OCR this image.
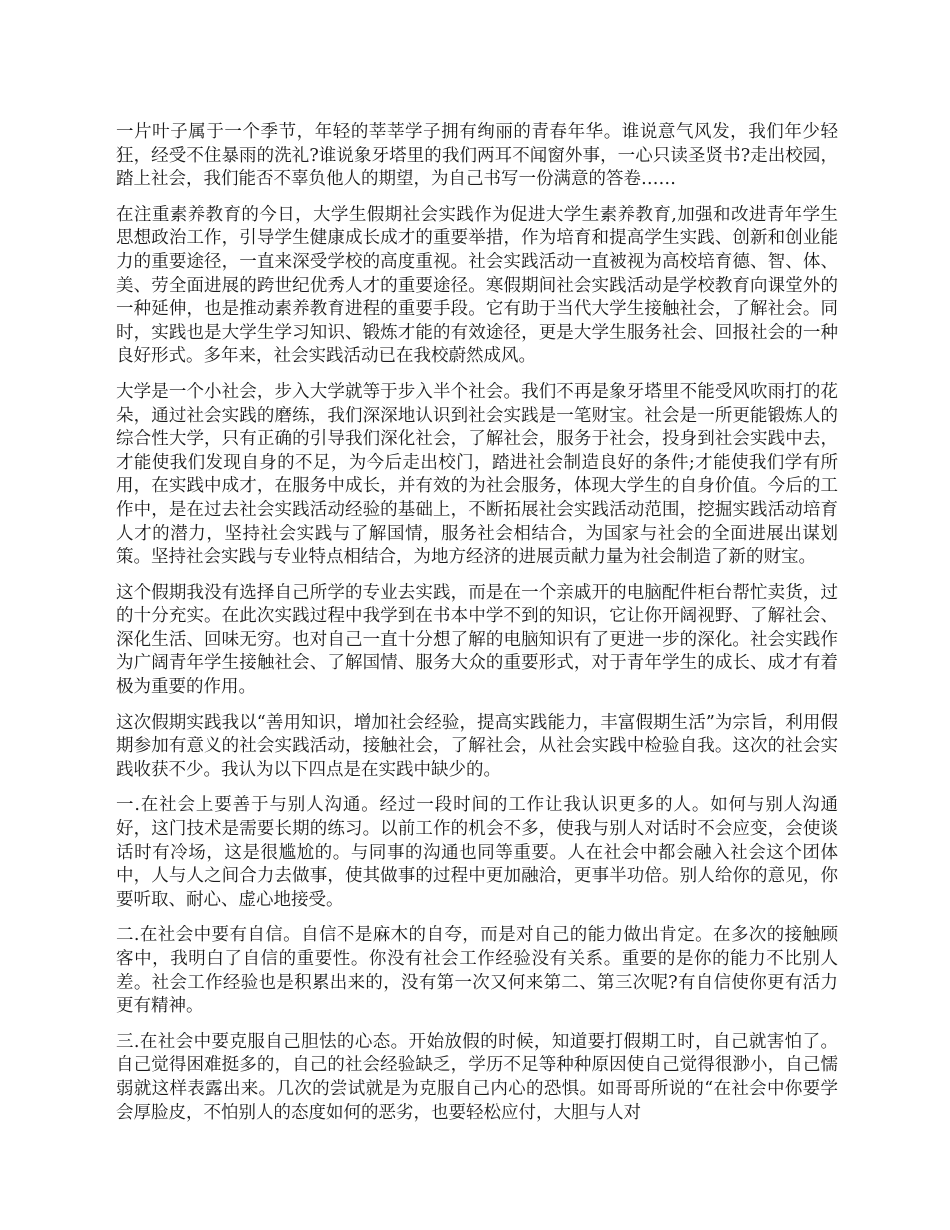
一片叶子属于一个季节，年轻的莘莘学子拥有绚丽的青春年华。谁说意气风发，我们年少轻狂，经受不住暴雨的洗礼?谁说象牙塔里的我们两耳不闻窗外事，一心只读圣贤书?走出校园，踏上社会，我们能否不辜负他人的期望，为自己书写一份满意的答卷……

在注重素养教育的今日，大学生假期社会实践作为促进大学生素养教育,加强和改进青年学生思想政治工作，引导学生健康成长成才的重要举措，作为培育和提高学生实践、创新和创业能力的重要途径，一直来深受学校的高度重视。社会实践活动一直被视为高校培育德、智、体、美、劳全面进展的跨世纪优秀人才的重要途径。寒假期间社会实践活动是学校教育向课堂外的一种延伸，也是推动素养教育进程的重要手段。它有助于当代大学生接触社会，了解社会。同时，实践也是大学生学习知识、锻炼才能的有效途径，更是大学生服务社会、回报社会的一种良好形式。多年来，社会实践活动已在我校蔚然成风。

大学是一个小社会，步入大学就等于步入半个社会。我们不再是象牙塔里不能受风吹雨打的花朵，通过社会实践的磨练，我们深深地认识到社会实践是一笔财宝。社会是一所更能锻炼人的综合性大学，只有正确的引导我们深化社会，了解社会，服务于社会，投身到社会实践中去，才能使我们发现自身的不足，为今后走出校门，踏进社会制造良好的条件;才能使我们学有所用，在实践中成才，在服务中成长，并有效的为社会服务，体现大学生的自身价值。今后的工作中，是在过去社会实践活动经验的基础上，不断拓展社会实践活动范围，挖掘实践活动培育人才的潜力，坚持社会实践与了解国情，服务社会相结合，为国家与社会的全面进展出谋划策。坚持社会实践与专业特点相结合，为地方经济的进展贡献力量为社会制造了新的财宝。

这个假期我没有选择自己所学的专业去实践，而是在一个亲戚开的电脑配件柜台帮忙卖货，过的十分充实。在此次实践过程中我学到在书本中学不到的知识，它让你开阔视野、了解社会、深化生活、回味无穷。也对自己一直十分想了解的电脑知识有了更进一步的深化。社会实践作为广阔青年学生接触社会、了解国情、服务大众的重要形式，对于青年学生的成长、成才有着极为重要的作用。

这次假期实践我以“善用知识，增加社会经验，提高实践能力，丰富假期生活”为宗旨，利用假期参加有意义的社会实践活动，接触社会，了解社会，从社会实践中检验自我。这次的社会实践收获不少。我认为以下四点是在实践中缺少的。

一.在社会上要善于与别人沟通。经过一段时间的工作让我认识更多的人。如何与别人沟通好，这门技术是需要长期的练习。以前工作的机会不多，使我与别人对话时不会应变，会使谈话时有冷场，这是很尴尬的。与同事的沟通也同等重要。人在社会中都会融入社会这个团体中，人与人之间合力去做事，使其做事的过程中更加融洽，更事半功倍。别人给你的意见，你要听取、耐心、虚心地接受。

二.在社会中要有自信。自信不是麻木的自夸，而是对自己的能力做出肯定。在多次的接触顾客中，我明白了自信的重要性。你没有社会工作经验没有关系。重要的是你的能力不比别人差。社会工作经验也是积累出来的，没有第一次又何来第二、第三次呢?有自信使你更有活力更有精神。

三.在社会中要克服自己胆怯的心态。开始放假的时候，知道要打假期工时，自己就害怕了。自己觉得困难挺多的，自己的社会经验缺乏，学历不足等种种原因使自己觉得很渺小，自己懦弱就这样表露出来。几次的尝试就是为克服自己内心的恐惧。如哥哥所说的“在社会中你要学会厚脸皮，不怕别人的态度如何的恶劣，也要轻松应付，大胆与人对
